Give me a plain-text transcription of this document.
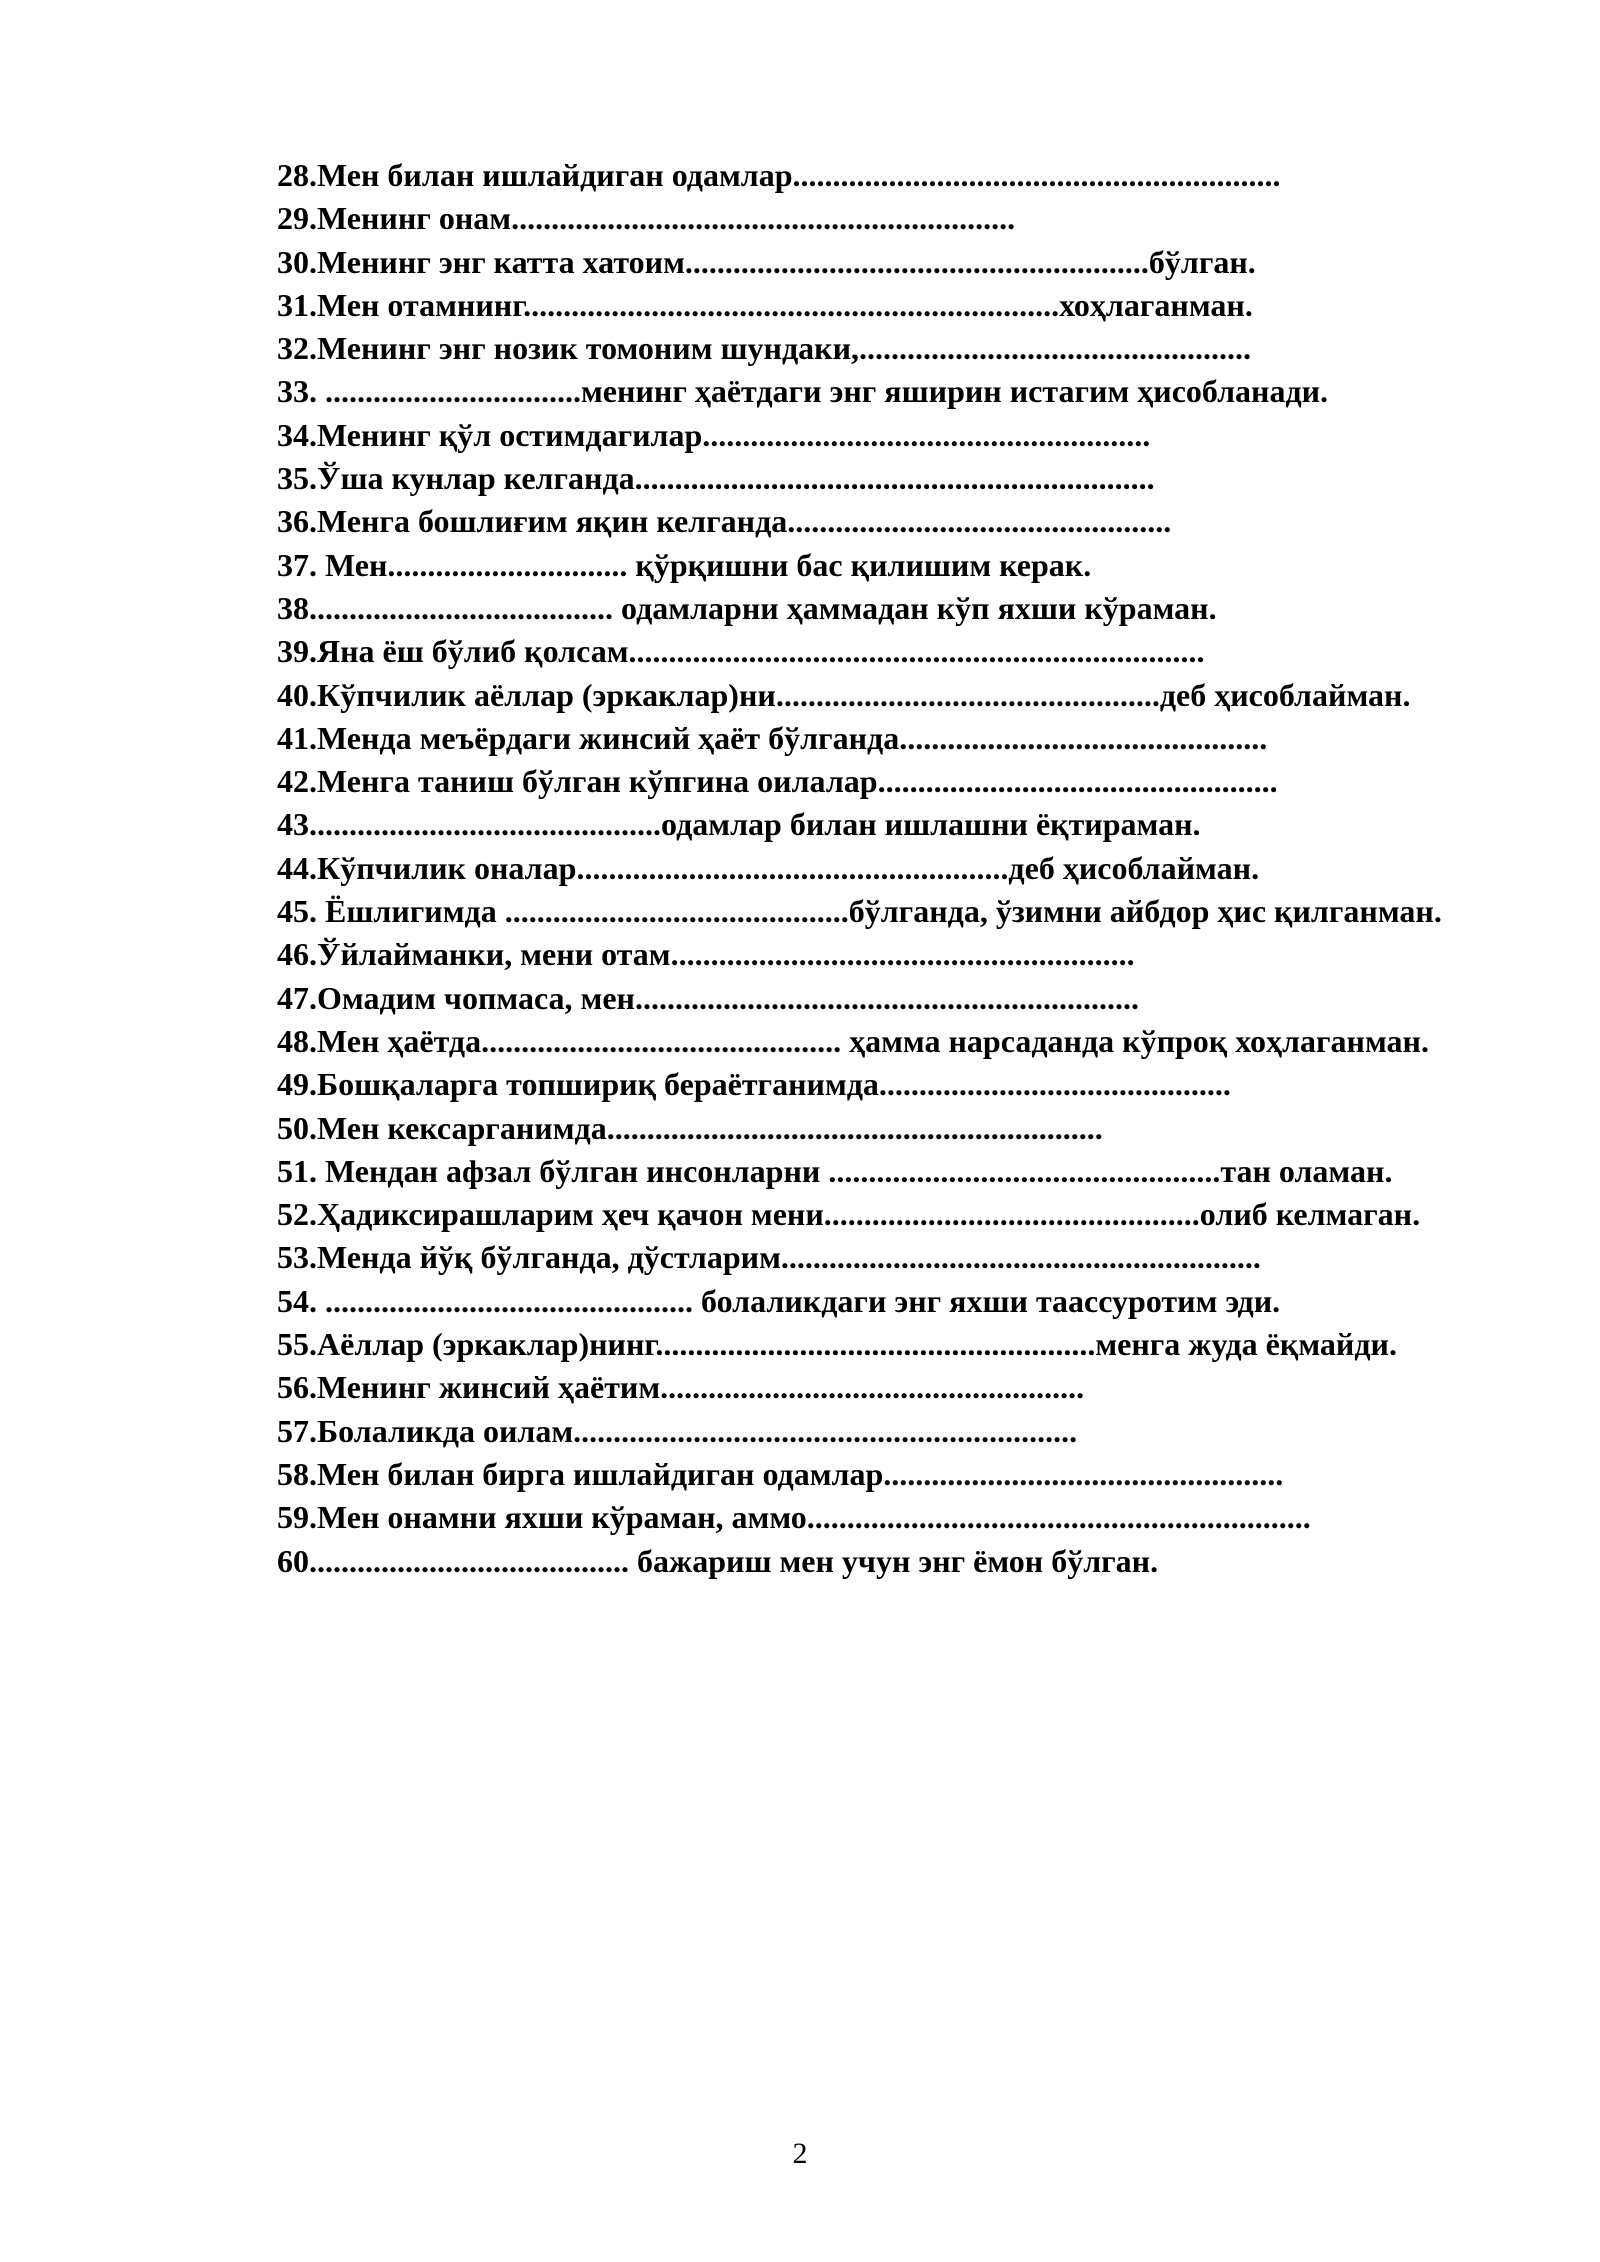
28.Мен билан ишлайдиган одамлар.............................................................

29.Менинг онам...............................................................

30.Менинг энг катта хатоим..........................................................бўлган.

31.Мен отамнинг...................................................................хоҳлаганман.

32.Менинг энг нозик томоним шундаки,.................................................

33. ................................менинг ҳаётдаги энг яширин истагим ҳисобланади.

34.Менинг қўл остимдагилар........................................................

35.Ўша кунлар келганда.................................................................

36.Менга бошлиғим яқин келганда................................................

37. Мен.............................. қўрқишни бас қилишим керак.

38...................................... одамларни ҳаммадан кўп яхши кўраман.

39.Яна ёш бўлиб қолсам........................................................................

40.Кўпчилик аёллар (эркаклар)ни................................................деб ҳисоблайман.

41.Менда меъёрдаги жинсий ҳаёт бўлганда..............................................

42.Менга таниш бўлган кўпгина оилалар..................................................

43............................................одамлар билан ишлашни ёқтираман.

44.Кўпчилик оналар......................................................деб ҳисоблайман.

45. Ёшлигимда ...........................................бўлганда, ўзимни айбдор ҳис қилганман.

46.Ўйлайманки, мени отам..........................................................

47.Омадим чопмаса, мен...............................................................

48.Мен ҳаётда............................................. ҳамма нарсаданда кўпроқ хоҳлаганман.

49.Бошқаларга топшириқ бераётганимда............................................

50.Мен кексарганимда..............................................................

51. Мендан афзал бўлган инсонларни .................................................тан оламан.

52.Ҳадиксирашларим ҳеч қачон мени...............................................олиб келмаган.

53.Менда йўқ бўлганда, дўстларим............................................................

54. .............................................. болаликдаги энг яхши таассуротим эди.

55.Аёллар (эркаклар)нинг.......................................................менга жуда ёқмайди.

56.Менинг жинсий ҳаётим.....................................................

57.Болаликда оилам...............................................................

58.Мен билан бирга ишлайдиган одамлар..................................................

59.Мен онамни яхши кўраман, аммо...............................................................

60........................................ бажариш мен учун энг ёмон бўлган.

2
